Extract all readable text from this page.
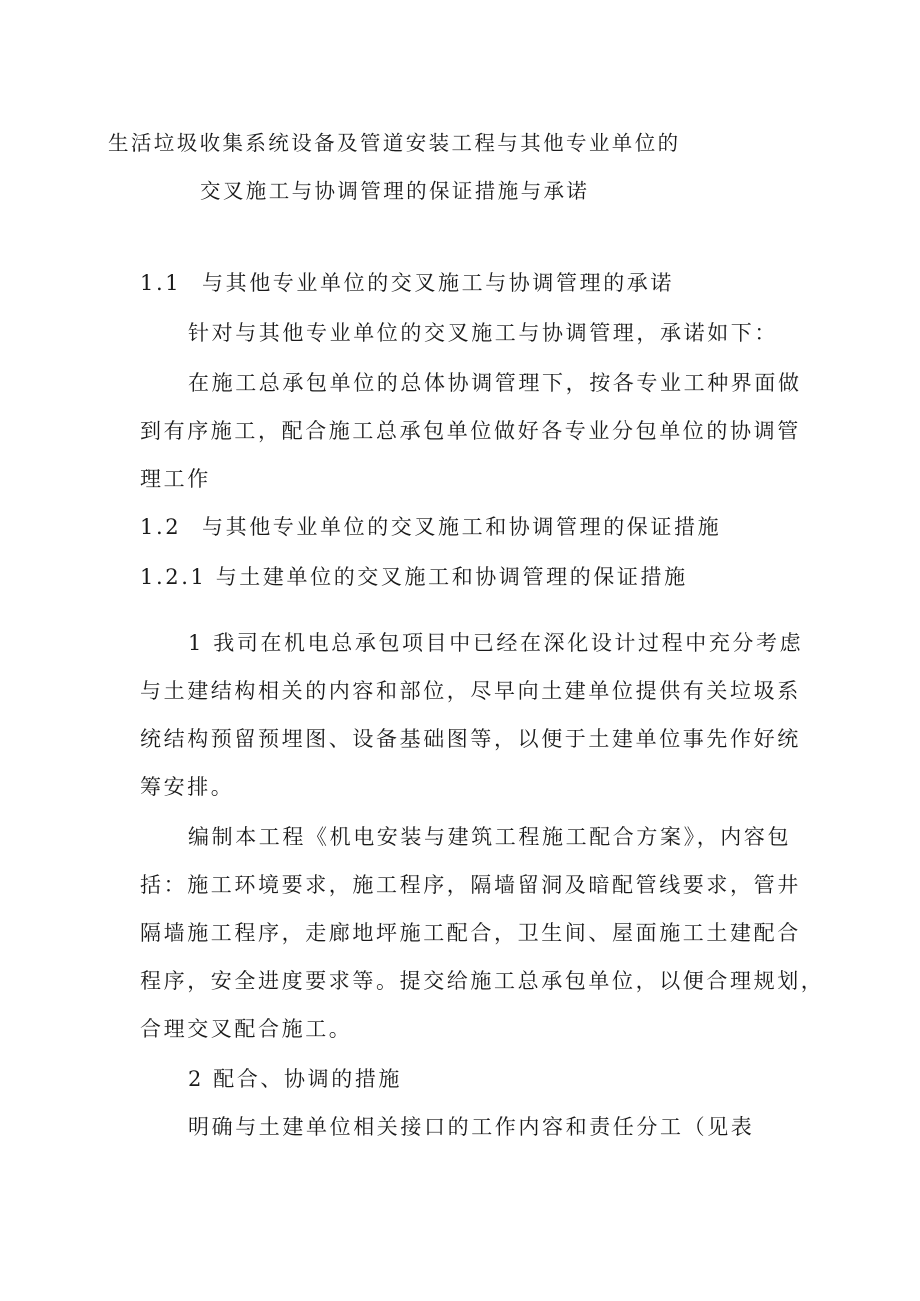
生活垃圾收集系统设备及管道安装工程与其他专业单位的
交叉施工与协调管理的保证措施与承诺
1.1 与其他专业单位的交叉施工与协调管理的承诺
针对与其他专业单位的交叉施工与协调管理，承诺如下：
在施工总承包单位的总体协调管理下，按各专业工种界面做
到有序施工，配合施工总承包单位做好各专业分包单位的协调管
理工作
1.2 与其他专业单位的交叉施工和协调管理的保证措施
1.2.1 与土建单位的交叉施工和协调管理的保证措施
1 我司在机电总承包项目中已经在深化设计过程中充分考虑
与土建结构相关的内容和部位，尽早向土建单位提供有关垃圾系
统结构预留预埋图、设备基础图等，以便于土建单位事先作好统
筹安排。
编制本工程《机电安装与建筑工程施工配合方案》，内容包
括：施工环境要求，施工程序，隔墙留洞及暗配管线要求，管井
隔墙施工程序，走廊地坪施工配合，卫生间、屋面施工土建配合
程序，安全进度要求等。提交给施工总承包单位，以便合理规划，
合理交叉配合施工。
2 配合、协调的措施
明确与土建单位相关接口的工作内容和责任分工（见表
